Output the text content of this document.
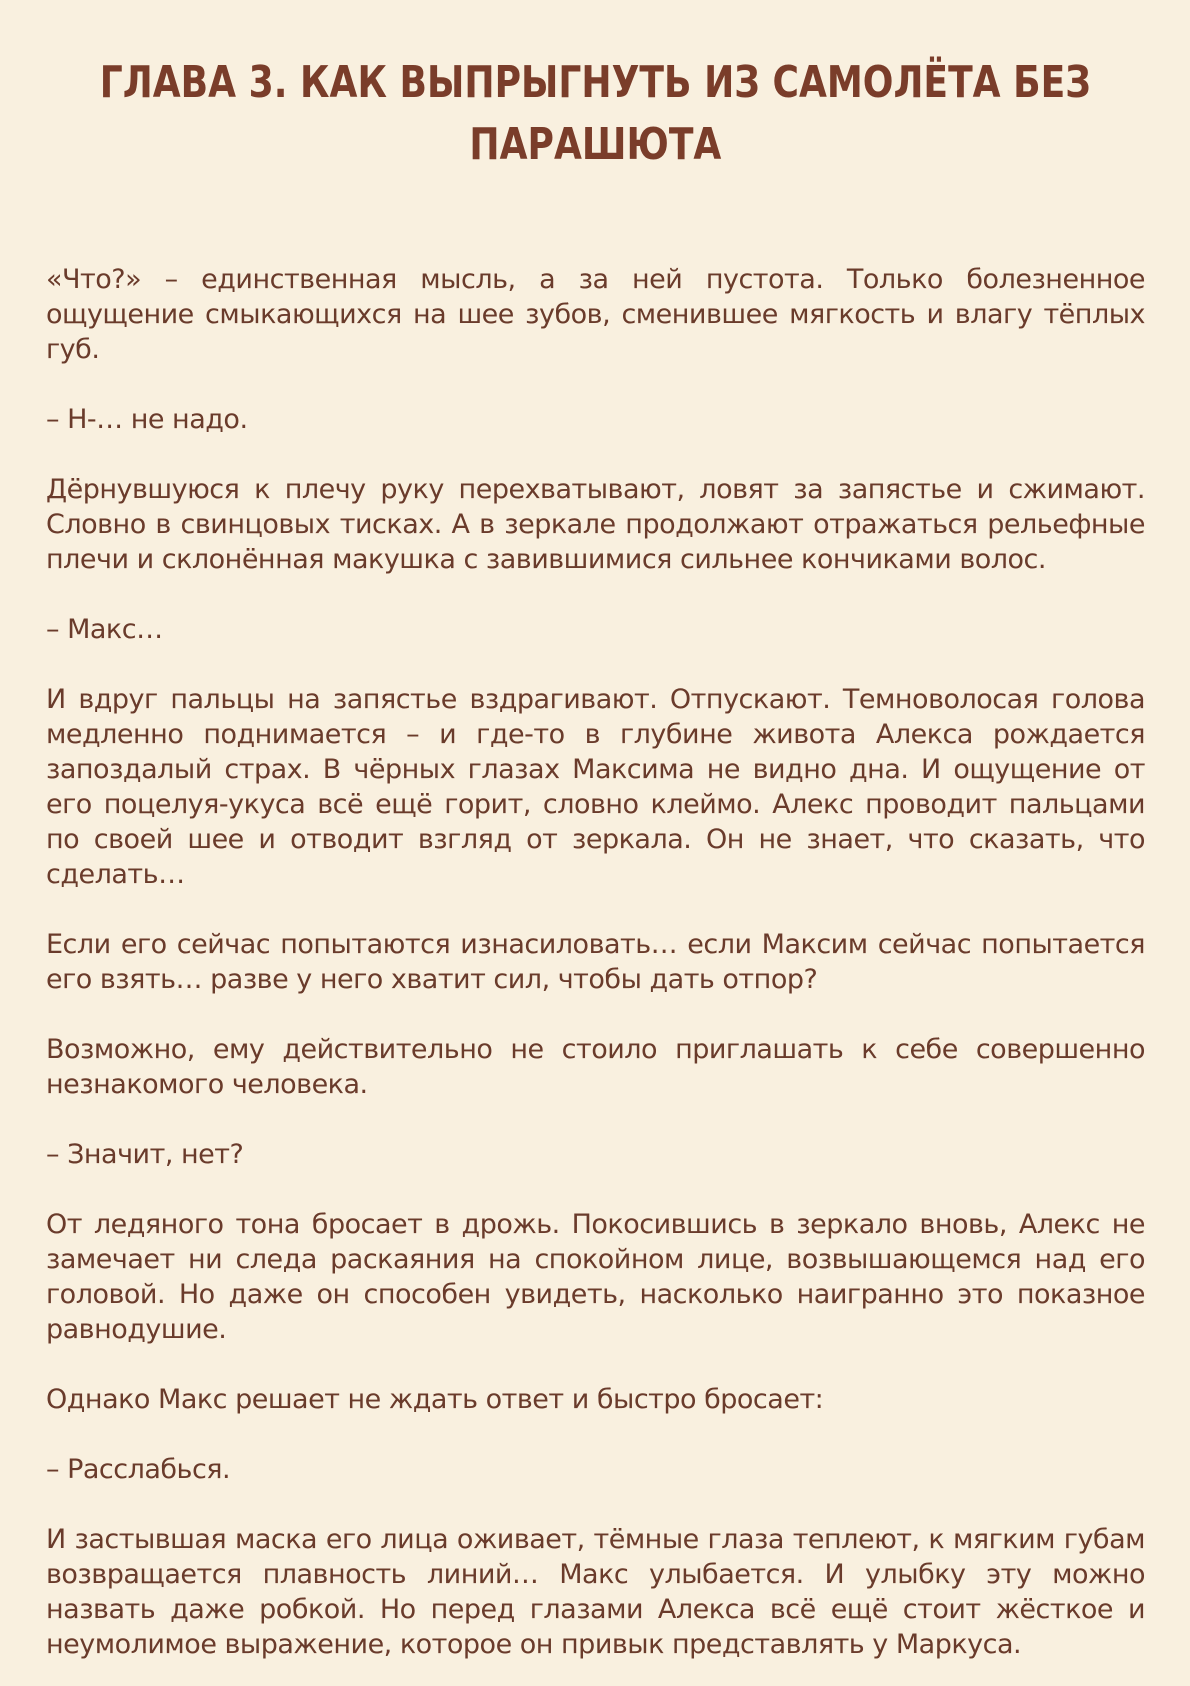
ГЛАВА 3. КАК ВЫПРЫГНУТЬ ИЗ САМОЛЁТА БЕЗ ПАРАШЮТА

«Что?» – единственная мысль, а за ней пустота. Только болезненное ощущение смыкающихся на шее зубов, сменившее мягкость и влагу тёплых губ.

– Н-… не надо.

Дёрнувшуюся к плечу руку перехватывают, ловят за запястье и сжимают. Словно в свинцовых тисках. А в зеркале продолжают отражаться рельефные плечи и склонённая макушка с завившимися сильнее кончиками волос.

– Макс…

И вдруг пальцы на запястье вздрагивают. Отпускают. Темноволосая голова медленно поднимается – и где-то в глубине живота Алекса рождается запоздалый страх. В чёрных глазах Максима не видно дна. И ощущение от его поцелуя-укуса всё ещё горит, словно клеймо. Алекс проводит пальцами по своей шее и отводит взгляд от зеркала. Он не знает, что сказать, что сделать…

Если его сейчас попытаются изнасиловать… если Максим сейчас попытается его взять… разве у него хватит сил, чтобы дать отпор?

Возможно, ему действительно не стоило приглашать к себе совершенно незнакомого человека.

– Значит, нет?

От ледяного тона бросает в дрожь. Покосившись в зеркало вновь, Алекс не замечает ни следа раскаяния на спокойном лице, возвышающемся над его головой. Но даже он способен увидеть, насколько наигранно это показное равнодушие.

Однако Макс решает не ждать ответ и быстро бросает:

– Расслабься.

И застывшая маска его лица оживает, тёмные глаза теплеют, к мягким губам возвращается плавность линий… Макс улыбается. И улыбку эту можно назвать даже робкой. Но перед глазами Алекса всё ещё стоит жёсткое и неумолимое выражение, которое он привык представлять у Маркуса.
